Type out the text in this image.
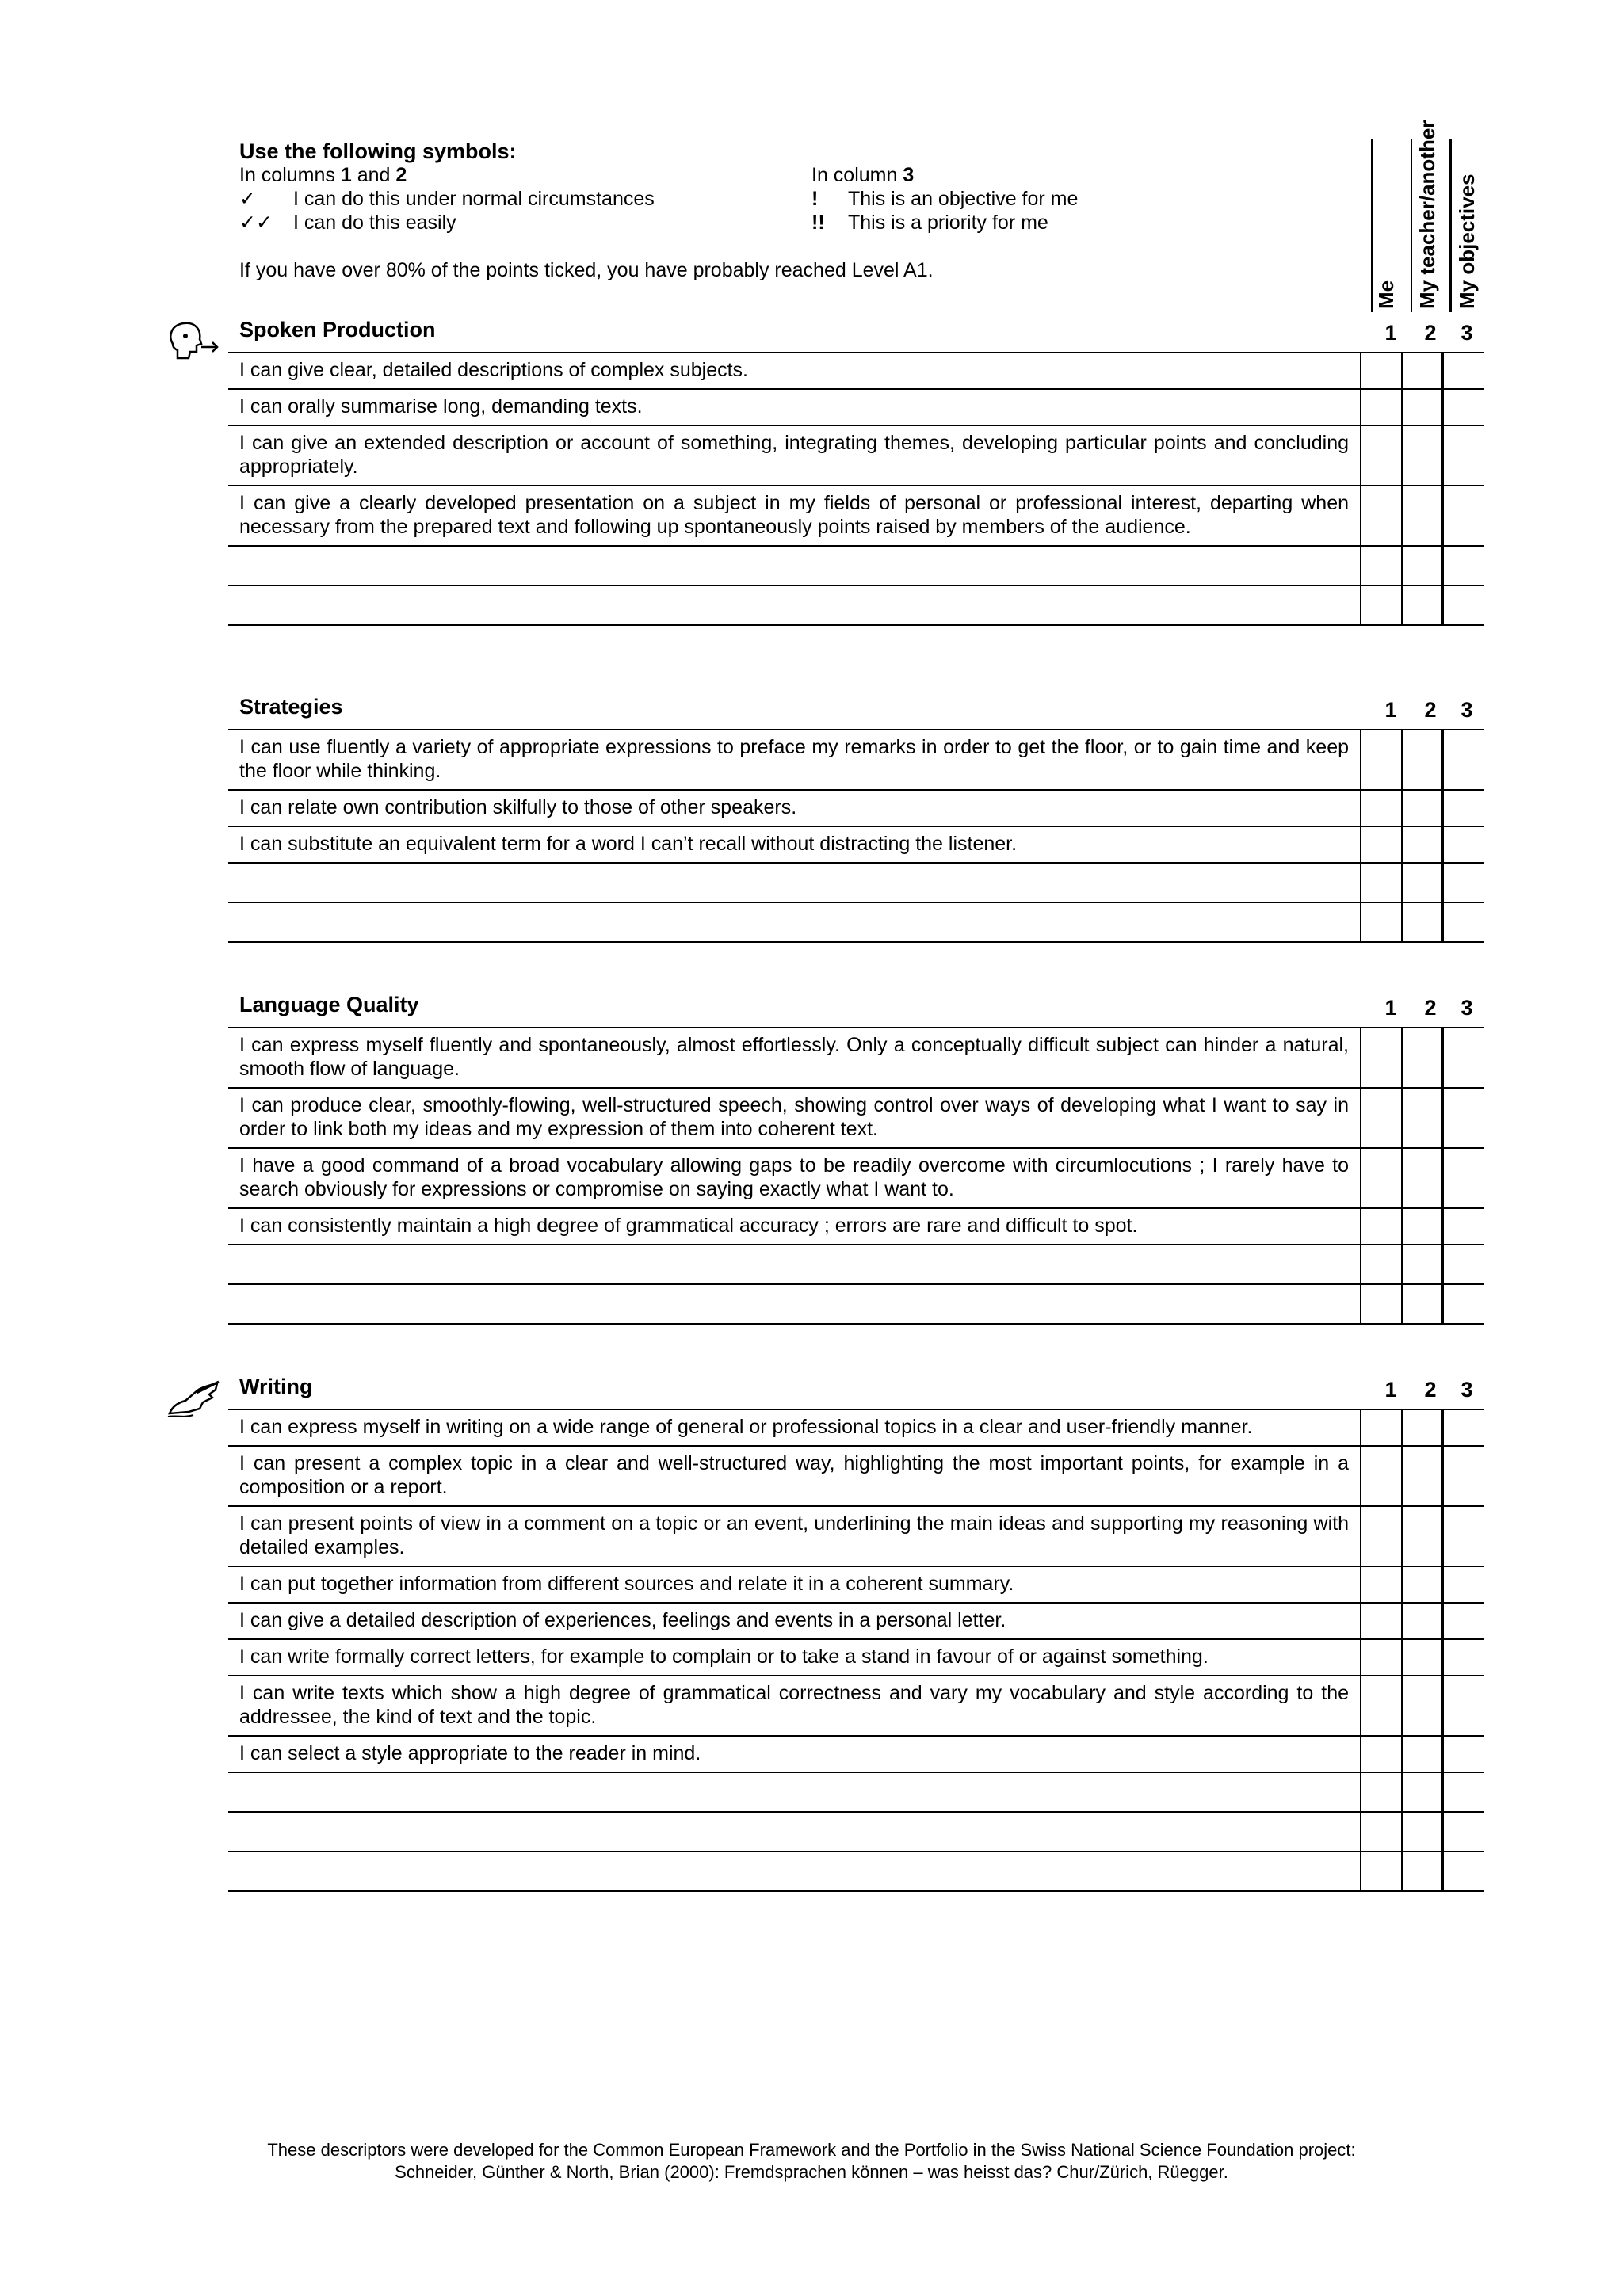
Use the following symbols:
In columns 1 and 2
✓	I can do this under normal circumstances
✓✓	I can do this easily
In column 3
!	This is an objective for me
!!	This is a priority for me
If you have over 80% of the points ticked, you have probably reached Level A1.
Me My teacher/another My objectives
Spoken Production	1	2	3
I can give clear, detailed descriptions of complex subjects.
I can orally summarise long, demanding texts.
I can give an extended description or account of something, integrating themes, developing particular points and concluding appropriately.
I can give a clearly developed presentation on a subject in my fields of personal or professional interest, departing when necessary from the prepared text and following up spontaneously points raised by members of the audience.
Strategies	1	2	3
I can use fluently a variety of appropriate expressions to preface my remarks in order to get the floor, or to gain time and keep the floor while thinking.
I can relate own contribution skilfully to those of other speakers.
I can substitute an equivalent term for a word I can’t recall without distracting the listener.
Language Quality	1	2	3
I can express myself fluently and spontaneously, almost effortlessly. Only a conceptually difficult subject can hinder a natural, smooth flow of language.
I can produce clear, smoothly-flowing, well-structured speech, showing control over ways of developing what I want to say in order to link both my ideas and my expression of them into coherent text.
I have a good command of a broad vocabulary allowing gaps to be readily overcome with circumlocutions ; I rarely have to search obviously for expressions or compromise on saying exactly what I want to.
I can consistently maintain a high degree of grammatical accuracy ; errors are rare and difficult to spot.
Writing	1	2	3
I can express myself in writing on a wide range of general or professional topics in a clear and user-friendly manner.
I can present a complex topic in a clear and well-structured way, highlighting the most important points, for example in a composition or a report.
I can present points of view in a comment on a topic or an event, underlining the main ideas and supporting my reasoning with detailed examples.
I can put together information from different sources and relate it in a coherent summary.
I can give a detailed description of experiences, feelings and events in a personal letter.
I can write formally correct letters, for example to complain or to take a stand in favour of or against something.
I can write texts which show a high degree of grammatical correctness and vary my vocabulary and style according to the addressee, the kind of text and the topic.
I can select a style appropriate to the reader in mind.
These descriptors were developed for the Common European Framework and the Portfolio in the Swiss National Science Foundation project:
Schneider, Günther & North, Brian (2000): Fremdsprachen können – was heisst das? Chur/Zürich, Rüegger.
